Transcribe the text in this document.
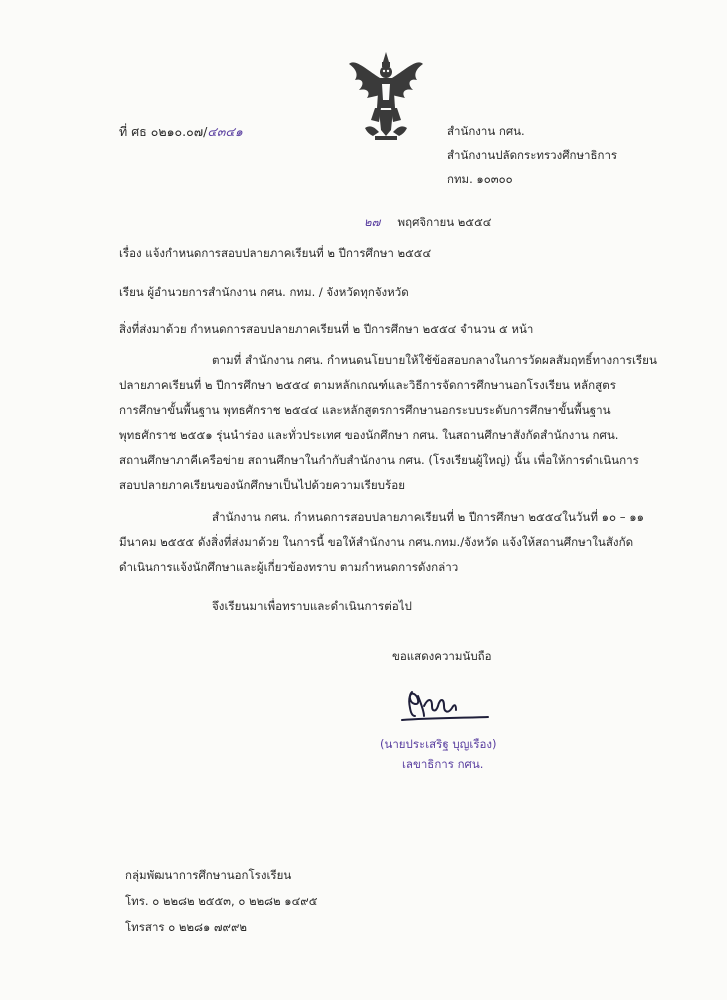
ที่ ศธ ๐๒๑๐.๐๗/๔๓๔๑	สำนักงาน กศน.
สำนักงานปลัดกระทรวงศึกษาธิการ
กทม. ๑๐๓๐๐
๒๗ พฤศจิกายน ๒๕๕๔
เรื่อง แจ้งกำหนดการสอบปลายภาคเรียนที่ ๒ ปีการศึกษา ๒๕๕๔
เรียน ผู้อำนวยการสำนักงาน กศน. กทม. / จังหวัดทุกจังหวัด
สิ่งที่ส่งมาด้วย กำหนดการสอบปลายภาคเรียนที่ ๒ ปีการศึกษา ๒๕๕๔ จำนวน ๕ หน้า
ตามที่ สำนักงาน กศน. กำหนดนโยบายให้ใช้ข้อสอบกลางในการวัดผลสัมฤทธิ์ทางการเรียน
ปลายภาคเรียนที่ ๒ ปีการศึกษา ๒๕๕๔ ตามหลักเกณฑ์และวิธีการจัดการศึกษานอกโรงเรียน หลักสูตร
การศึกษาขั้นพื้นฐาน พุทธศักราช ๒๕๔๔ และหลักสูตรการศึกษานอกระบบระดับการศึกษาขั้นพื้นฐาน
พุทธศักราช ๒๕๕๑ รุ่นนำร่อง และทั่วประเทศ ของนักศึกษา กศน. ในสถานศึกษาสังกัดสำนักงาน กศน.
สถานศึกษาภาคีเครือข่าย สถานศึกษาในกำกับสำนักงาน กศน. (โรงเรียนผู้ใหญ่) นั้น เพื่อให้การดำเนินการ
สอบปลายภาคเรียนของนักศึกษาเป็นไปด้วยความเรียบร้อย
สำนักงาน กศน. กำหนดการสอบปลายภาคเรียนที่ ๒ ปีการศึกษา ๒๕๕๔ในวันที่ ๑๐ – ๑๑
มีนาคม ๒๕๕๕ ดังสิ่งที่ส่งมาด้วย ในการนี้ ขอให้สำนักงาน กศน.กทม./จังหวัด แจ้งให้สถานศึกษาในสังกัด
ดำเนินการแจ้งนักศึกษาและผู้เกี่ยวข้องทราบ ตามกำหนดการดังกล่าว
จึงเรียนมาเพื่อทราบและดำเนินการต่อไป
ขอแสดงความนับถือ
(นายประเสริฐ บุญเรือง)
เลขาธิการ กศน.
กลุ่มพัฒนาการศึกษานอกโรงเรียน
โทร. ๐ ๒๒๘๒ ๒๕๕๓, ๐ ๒๒๘๒ ๑๔๙๕
โทรสาร ๐ ๒๒๘๑ ๗๙๙๒
